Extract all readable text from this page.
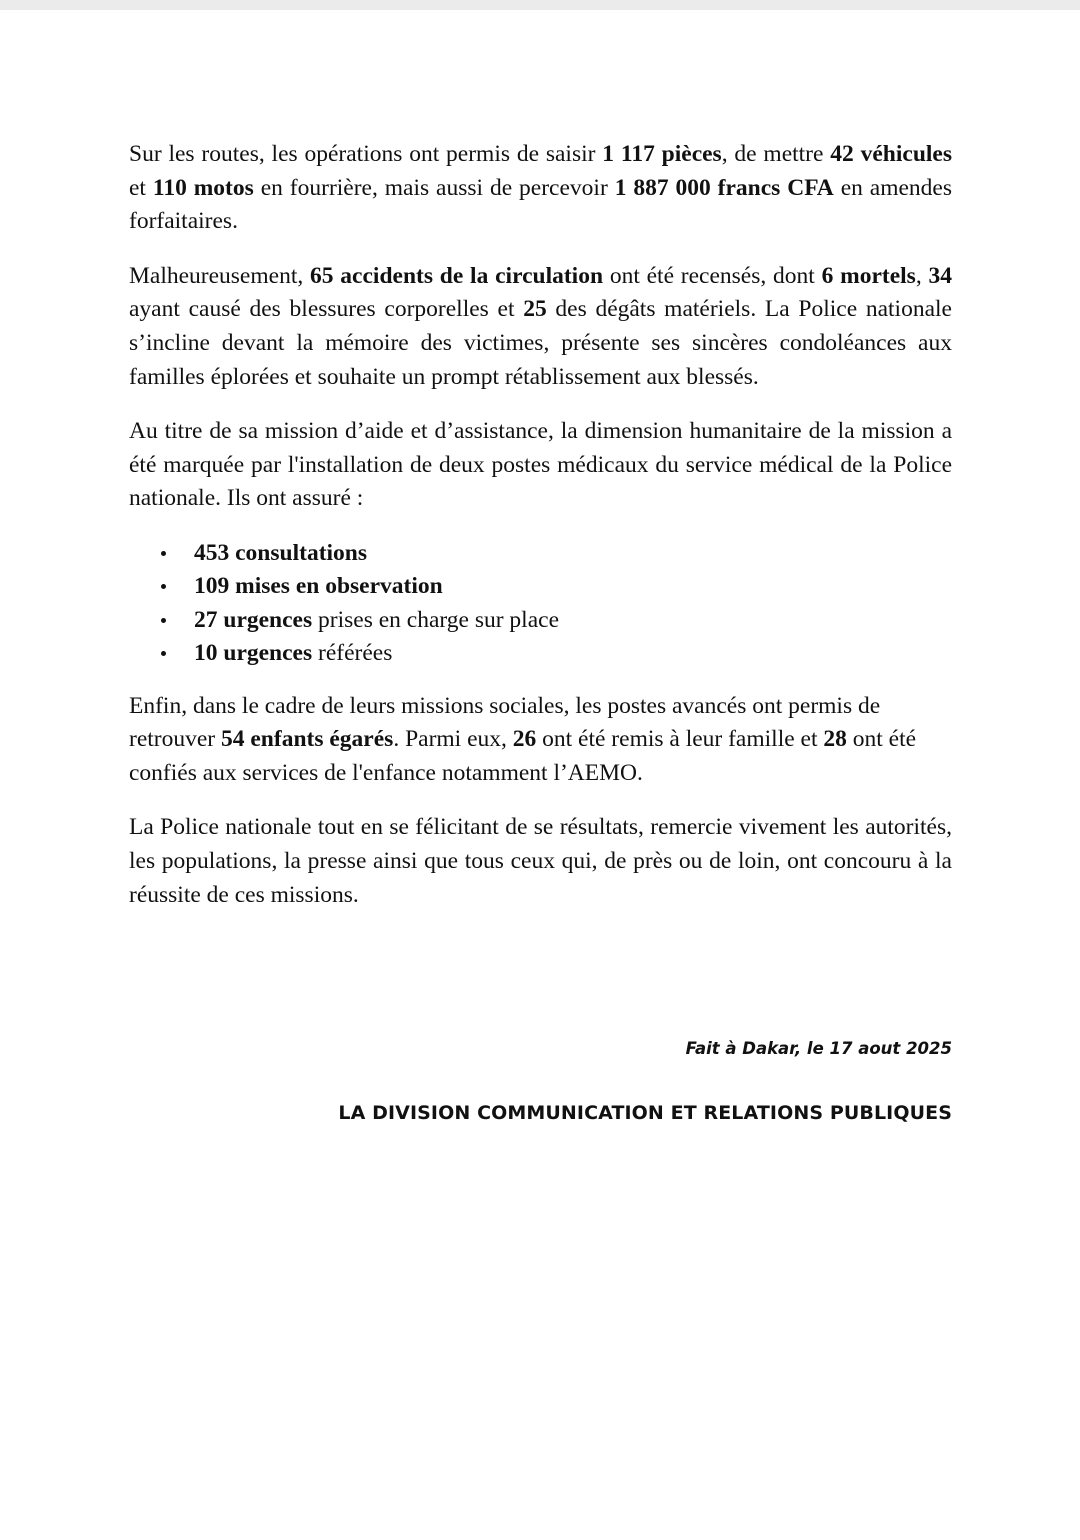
Sur les routes, les opérations ont permis de saisir 1 117 pièces, de mettre 42 véhicules et 110 motos en fourrière, mais aussi de percevoir 1 887 000 francs CFA en amendes forfaitaires.

Malheureusement, 65 accidents de la circulation ont été recensés, dont 6 mortels, 34 ayant causé des blessures corporelles et 25 des dégâts matériels. La Police nationale s’incline devant la mémoire des victimes, présente ses sincères condoléances aux familles éplorées et souhaite un prompt rétablissement aux blessés.

Au titre de sa mission d’aide et d’assistance, la dimension humanitaire de la mission a été marquée par l'installation de deux postes médicaux du service médical de la Police nationale. Ils ont assuré :

453 consultations
109 mises en observation
27 urgences prises en charge sur place
10 urgences référées

Enfin, dans le cadre de leurs missions sociales, les postes avancés ont permis de retrouver 54 enfants égarés. Parmi eux, 26 ont été remis à leur famille et 28 ont été confiés aux services de l'enfance notamment l’AEMO.

La Police nationale tout en se félicitant de se résultats, remercie vivement les autorités, les populations, la presse ainsi que tous ceux qui, de près ou de loin, ont concouru à la réussite de ces missions.

Fait à Dakar, le 17 aout 2025
LA DIVISION COMMUNICATION ET RELATIONS PUBLIQUES
